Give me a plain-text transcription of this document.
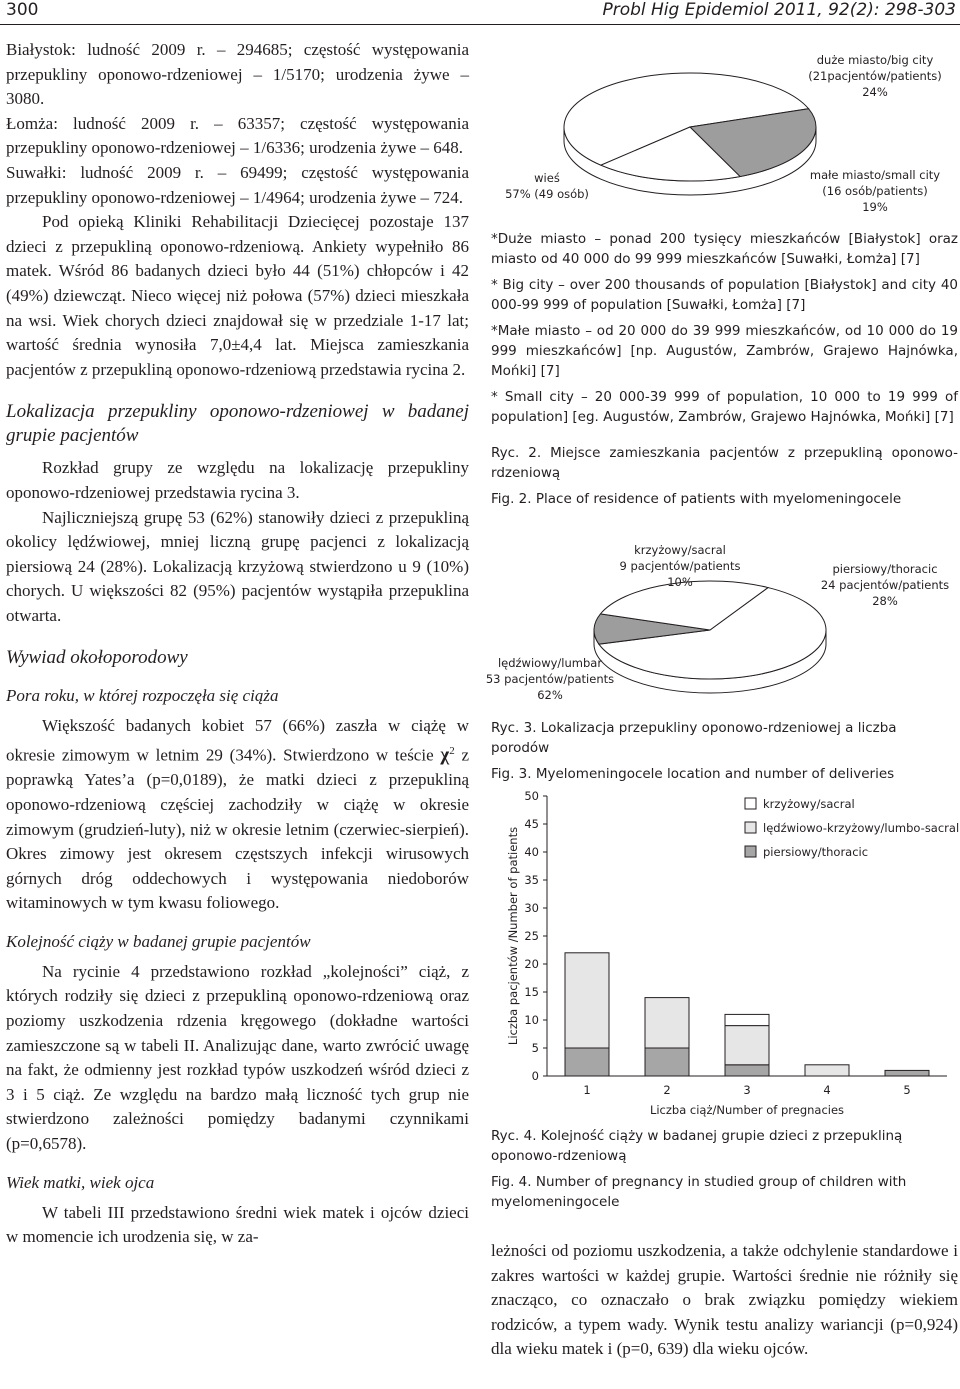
300	Probl Hig Epidemiol 2011, 92(2): 298-303

Białystok: ludność 2009 r. – 294685; częstość występowania przepukliny oponowo-rdzeniowej – 1/5170; urodzenia żywe – 3080.

Łomża: ludność 2009 r. – 63357; częstość występowania przepukliny oponowo-rdzeniowej – 1/6336; urodzenia żywe – 648.

Suwałki: ludność 2009 r. – 69499; częstość występowania przepukliny oponowo-rdzeniowej – 1/4964; urodzenia żywe – 724.

Pod opieką Kliniki Rehabilitacji Dziecięcej pozostaje 137 dzieci z przepukliną oponowo-rdzeniową. Ankiety wypełniło 86 matek. Wśród 86 badanych dzieci było 44 (51%) chłopców i 42 (49%) dziewcząt. Nieco więcej niż połowa (57%) dzieci mieszkała na wsi. Wiek chorych dzieci znajdował się w przedziale 1-17 lat; wartość średnia wynosiła 7,0±4,4 lat. Miejsca zamieszkania pacjentów z przepukliną oponowo-rdzeniową przedstawia rycina 2.

Lokalizacja przepukliny oponowo-rdzeniowej w badanej grupie pacjentów

Rozkład grupy ze względu na lokalizację przepukliny oponowo-rdzeniowej przedstawia rycina 3.

Najliczniejszą grupę 53 (62%) stanowiły dzieci z przepukliną okolicy lędźwiowej, mniej liczną grupę pacjenci z lokalizacją piersiową 24 (28%). Lokalizacją krzyżową stwierdzono u 9 (10%) chorych. U większości 82 (95%) pacjentów wystąpiła przepuklina otwarta.

Wywiad okołoporodowy
Pora roku, w której rozpoczęła się ciąża

Większość badanych kobiet 57 (66%) zaszła w ciążę w okresie zimowym w letnim 29 (34%). Stwierdzono w teście $\chi^2$ z poprawką Yates’a (p=0,0189), że matki dzieci z przepukliną oponowo-rdzeniową częściej zachodziły w ciążę w okresie zimowym (grudzień-luty), niż w okresie letnim (czerwiec-sierpień). Okres zimowy jest okresem częstszych infekcji wirusowych górnych dróg oddechowych i występowania niedoborów witaminowych w tym kwasu foliowego.

Kolejność ciąży w badanej grupie pacjentów

Na rycinie 4 przedstawiono rozkład „kolejności” ciąż, z których rodziły się dzieci z przepukliną oponowo-rdzeniową oraz poziomy uszkodzenia rdzenia kręgowego (dokładne wartości zamieszczone są w tabeli II. Analizując dane, warto zwrócić uwagę na fakt, że odmienny jest rozkład typów uszkodzeń wśród dzieci z 3 i 5 ciąż. Ze względu na bardzo małą liczność tych grup nie stwierdzono zależności pomiędzy badanymi czynnikami (p=0,6578).

Wiek matki, wiek ojca

W tabeli III przedstawiono średni wiek matek i ojców dzieci w momencie ich urodzenia się, w za-

duże miasto/big city
(21pacjentów/patients)
24%
wieś
57% (49 osób)
małe miasto/small city
(16 osób/patients)
19%

*Duże miasto – ponad 200 tysięcy mieszkańców [Białystok] oraz miasto od 40 000 do 99 999 mieszkańców [Suwałki, Łomża] [7]

* Big city – over 200 thousands of population [Białystok] and city 40 000-99 999 of population [Suwałki, Łomża] [7]

*Małe miasto – od 20 000 do 39 999 mieszkańców, od 10 000 do 19 999 mieszkańców] [np. Augustów, Zambrów, Grajewo Hajnówka, Mońki] [7]

* Small city – 20 000-39 999 of population, 10 000 to 19 999 of population] [eg. Augustów, Zambrów, Grajewo Hajnówka, Mońki] [7]

Ryc. 2. Miejsce zamieszkania pacjentów z przepukliną oponowo-rdzeniową

Fig. 2. Place of residence of patients with myelomeningocele

krzyżowy/sacral
9 pacjentów/patients
10%
piersiowy/thoracic
24 pacjentów/patients
28%
lędźwiowy/lumbar
53 pacjentów/patients
62%

Ryc. 3. Lokalizacja przepukliny oponowo-rdzeniowej a liczba porodów

Fig. 3. Myelomeningocele location and number of deliveries

0
5
10
15
20
25
30
35
40
45
50
Liczba pacjentów /Number of patients
1	2	3	4	5
Liczba ciąż/Number of pregnacies
krzyżowy/sacral
lędźwiowo-krzyżowy/lumbo-sacral
piersiowy/thoracic

Ryc. 4. Kolejność ciąży w badanej grupie dzieci z przepukliną oponowo-rdzeniową

Fig. 4. Number of pregnancy in studied group of children with myelomeningocele

leżności od poziomu uszkodzenia, a także odchylenie standardowe i zakres wartości w każdej grupie. Wartości średnie nie różniły się znacząco, co oznaczało o brak związku pomiędzy wiekiem rodziców, a typem wady. Wynik testu analizy wariancji (p=0,924) dla wieku matek i (p=0, 639) dla wieku ojców.
